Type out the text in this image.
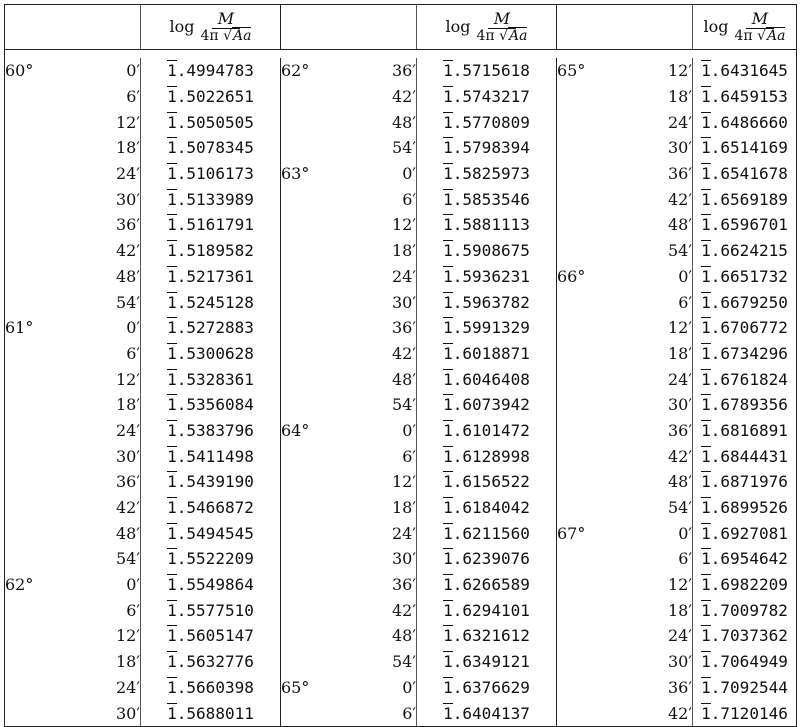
		$\log \frac{M}{4\pi √Aa}$			$\log \frac{M}{4\pi √Aa}$			$\log \frac{M}{4\pi √Aa}$

60°	0′	1.4994783	62°	36′	1.5715618	65°	12′	1.6431645
	6′	1.5022651		42′	1.5743217		18′	1.6459153
	12′	1.5050505		48′	1.5770809		24′	1.6486660
	18′	1.5078345		54′	1.5798394		30′	1.6514169
	24′	1.5106173	63°	0′	1.5825973		36′	1.6541678
	30′	1.5133989		6′	1.5853546		42′	1.6569189
	36′	1.5161791		12′	1.5881113		48′	1.6596701
	42′	1.5189582		18′	1.5908675		54′	1.6624215
	48′	1.5217361		24′	1.5936231	66°	0′	1.6651732
	54′	1.5245128		30′	1.5963782		6′	1.6679250
61°	0′	1.5272883		36′	1.5991329		12′	1.6706772
	6′	1.5300628		42′	1.6018871		18′	1.6734296
	12′	1.5328361		48′	1.6046408		24′	1.6761824
	18′	1.5356084		54′	1.6073942		30′	1.6789356
	24′	1.5383796	64°	0′	1.6101472		36′	1.6816891
	30′	1.5411498		6′	1.6128998		42′	1.6844431
	36′	1.5439190		12′	1.6156522		48′	1.6871976
	42′	1.5466872		18′	1.6184042		54′	1.6899526
	48′	1.5494545		24′	1.6211560	67°	0′	1.6927081
	54′	1.5522209		30′	1.6239076		6′	1.6954642
62°	0′	1.5549864		36′	1.6266589		12′	1.6982209
	6′	1.5577510		42′	1.6294101		18′	1.7009782
	12′	1.5605147		48′	1.6321612		24′	1.7037362
	18′	1.5632776		54′	1.6349121		30′	1.7064949
	24′	1.5660398	65°	0′	1.6376629		36′	1.7092544
	30′	1.5688011		6′	1.6404137		42′	1.7120146
